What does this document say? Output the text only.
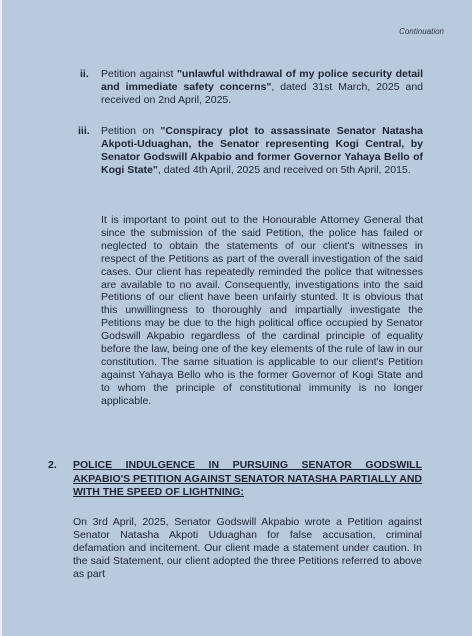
Continuation
ii. Petition against "unlawful withdrawal of my police security detail and immediate safety concerns", dated 31st March, 2025 and received on 2nd April, 2025.
iii. Petition on "Conspiracy plot to assassinate Senator Natasha Akpoti-Uduaghan, the Senator representing Kogi Central, by Senator Godswill Akpabio and former Governor Yahaya Bello of Kogi State", dated 4th April, 2025 and received on 5th April, 2015.
It is important to point out to the Honourable Attorney General that since the submission of the said Petition, the police has failed or neglected to obtain the statements of our client's witnesses in respect of the Petitions as part of the overall investigation of the said cases. Our client has repeatedly reminded the police that witnesses are available to no avail. Consequently, investigations into the said Petitions of our client have been unfairly stunted. It is obvious that this unwillingness to thoroughly and impartially investigate the Petitions may be due to the high political office occupied by Senator Godswill Akpabio regardless of the cardinal principle of equality before the law, being one of the key elements of the rule of law in our constitution. The same situation is applicable to our client's Petition against Yahaya Bello who is the former Governor of Kogi State and to whom the principle of constitutional immunity is no longer applicable.
2. POLICE INDULGENCE IN PURSUING SENATOR GODSWILL AKPABIO'S PETITION AGAINST SENATOR NATASHA PARTIALLY AND WITH THE SPEED OF LIGHTNING:
On 3rd April, 2025, Senator Godswill Akpabio wrote a Petition against Senator Natasha Akpoti Uduaghan for false accusation, criminal defamation and incitement. Our client made a statement under caution. In the said Statement, our client adopted the three Petitions referred to above as part
